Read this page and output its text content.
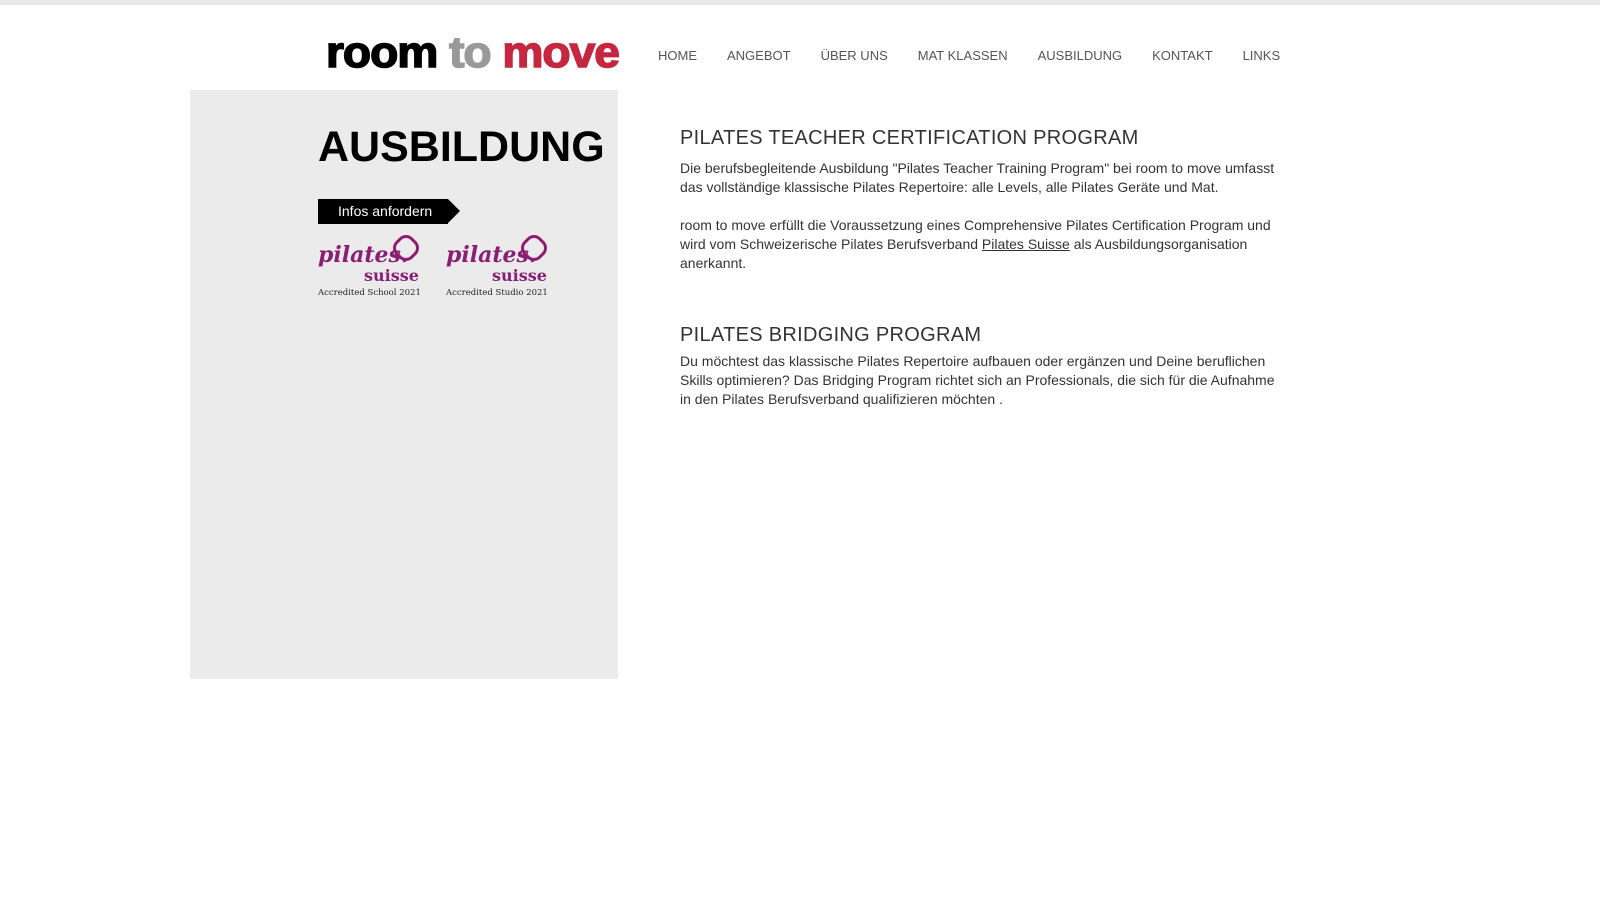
room to move	HOME ANGEBOT ÜBER UNS MAT KLASSEN AUSBILDUNG KONTAKT LINKS
AUSBILDUNG
Infos anfordern
pilates.
suisse
Accredited School 2021
pilates.
suisse
Accredited Studio 2021
PILATES TEACHER CERTIFICATION PROGRAM
Die berufsbegleitende Ausbildung "Pilates Teacher Training Program" bei room to move umfasst das vollständige klassische Pilates Repertoire: alle Levels, alle Pilates Geräte und Mat.
room to move erfüllt die Voraussetzung eines Comprehensive Pilates Certification Program und wird vom Schweizerische Pilates Berufsverband Pilates Suisse als Ausbildungsorganisation anerkannt.
PILATES BRIDGING PROGRAM
Du möchtest das klassische Pilates Repertoire aufbauen oder ergänzen und Deine beruflichen Skills optimieren? Das Bridging Program richtet sich an Professionals, die sich für die Aufnahme in den Pilates Berufsverband qualifizieren möchten .
